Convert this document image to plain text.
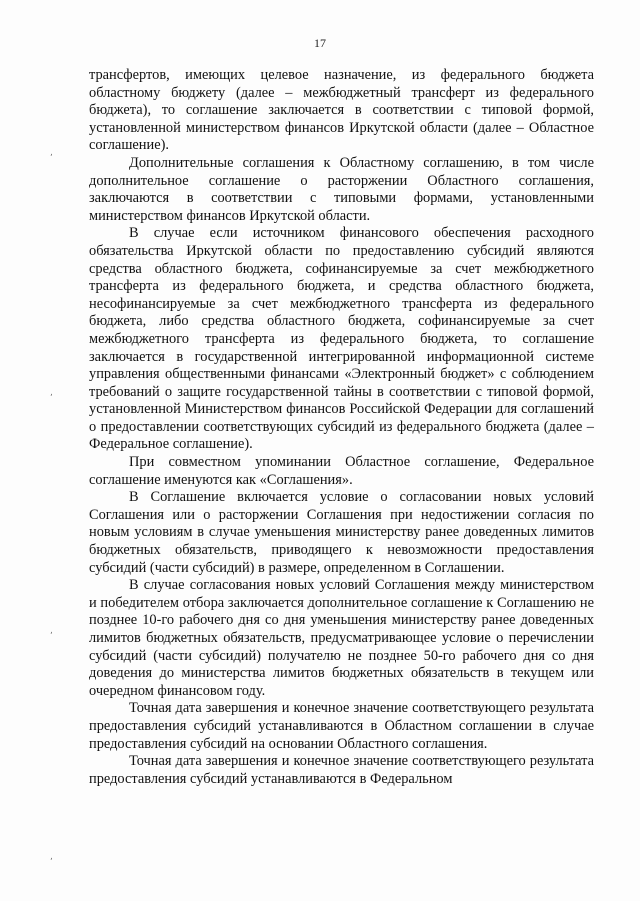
17
,
,
,
,

трансфертов, имеющих целевое назначение, из федерального бюджета областному бюджету (далее – межбюджетный трансферт из федерального бюджета), то соглашение заключается в соответствии с типовой формой, установленной министерством финансов Иркутской области (далее – Областное соглашение).

Дополнительные соглашения к Областному соглашению, в том числе дополнительное соглашение о расторжении Областного соглашения, заключаются в соответствии с типовыми формами, установленными министерством финансов Иркутской области.

В случае если источником финансового обеспечения расходного обязательства Иркутской области по предоставлению субсидий являются средства областного бюджета, софинансируемые за счет межбюджетного трансферта из федерального бюджета, и средства областного бюджета, несофинансируемые за счет межбюджетного трансферта из федерального бюджета, либо средства областного бюджета, софинансируемые за счет межбюджетного трансферта из федерального бюджета, то соглашение заключается в государственной интегрированной информационной системе управления общественными финансами «Электронный бюджет» с соблюдением требований о защите государственной тайны в соответствии с типовой формой, установленной Министерством финансов Российской Федерации для соглашений о предоставлении соответствующих субсидий из федерального бюджета (далее – Федеральное соглашение).

При совместном упоминании Областное соглашение, Федеральное соглашение именуются как «Соглашения».

В Соглашение включается условие о согласовании новых условий Соглашения или о расторжении Соглашения при недостижении согласия по новым условиям в случае уменьшения министерству ранее доведенных лимитов бюджетных обязательств, приводящего к невозможности предоставления субсидий (части субсидий) в размере, определенном в Соглашении.

В случае согласования новых условий Соглашения между министерством и победителем отбора заключается дополнительное соглашение к Соглашению не позднее 10-го рабочего дня со дня уменьшения министерству ранее доведенных лимитов бюджетных обязательств, предусматривающее условие о перечислении субсидий (части субсидий) получателю не позднее 50-го рабочего дня со дня доведения до министерства лимитов бюджетных обязательств в текущем или очередном финансовом году.

Точная дата завершения и конечное значение соответствующего результата предоставления субсидий устанавливаются в Областном соглашении в случае предоставления субсидий на основании Областного соглашения.

Точная дата завершения и конечное значение соответствующего результата предоставления субсидий устанавливаются в Федеральном
